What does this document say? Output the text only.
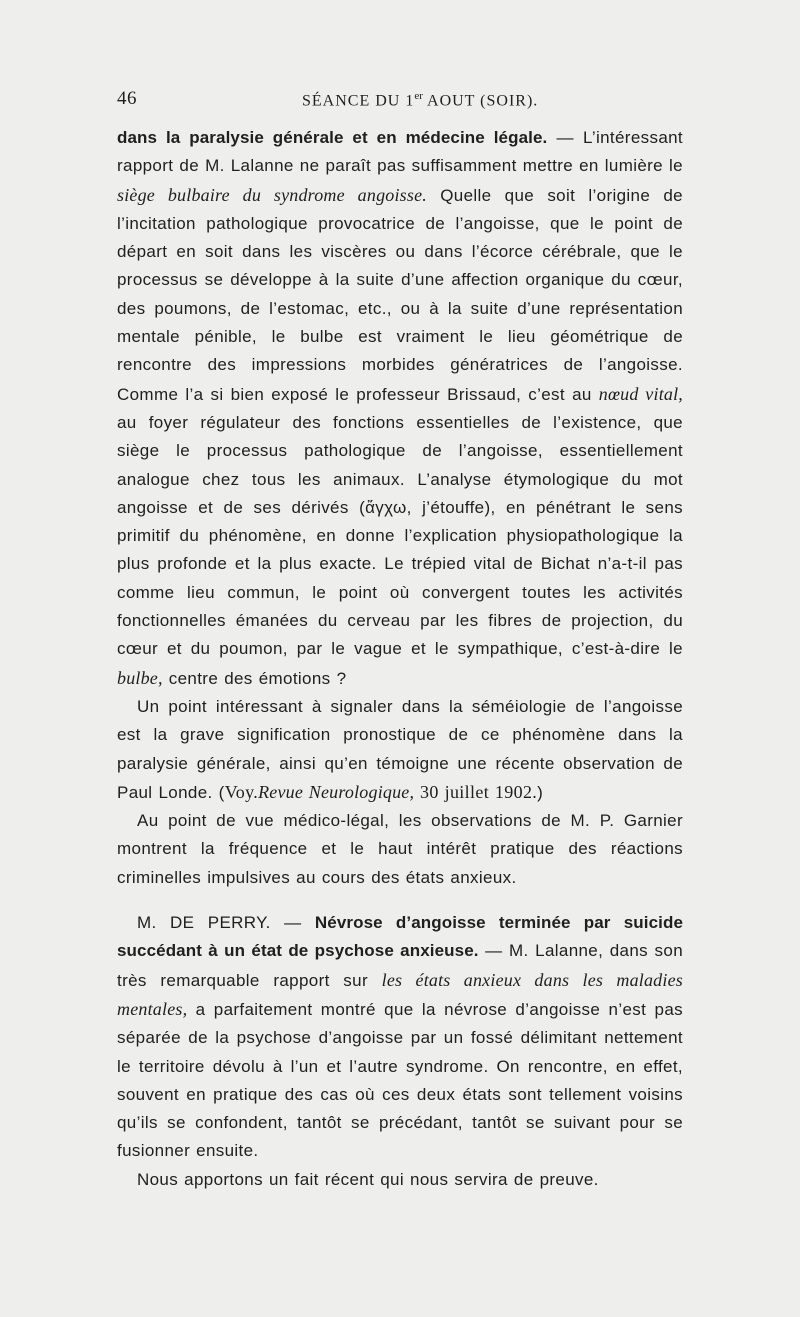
46	SÉANCE DU 1er AOUT (SOIR).

dans la paralysie générale et en médecine légale. — L’intéressant rapport de M. Lalanne ne paraît pas suffisamment mettre en lumière le siège bulbaire du syndrome angoisse. Quelle que soit l’origine de l’incitation pathologique provocatrice de l’angoisse, que le point de départ en soit dans les viscères ou dans l’écorce cérébrale, que le processus se développe à la suite d’une affection organique du cœur, des poumons, de l’estomac, etc., ou à la suite d’une représentation mentale pénible, le bulbe est vraiment le lieu géométrique de rencontre des impressions morbides génératrices de l’angoisse. Comme l’a si bien exposé le professeur Brissaud, c’est au nœud vital, au foyer régulateur des fonctions essentielles de l’existence, que siège le processus pathologique de l’angoisse, essentiellement analogue chez tous les animaux. L’analyse étymologique du mot angoisse et de ses dérivés (ἄγχω, j’étouffe), en pénétrant le sens primitif du phénomène, en donne l’explication physiopathologique la plus profonde et la plus exacte. Le trépied vital de Bichat n’a-t-il pas comme lieu commun, le point où convergent toutes les activités fonctionnelles émanées du cerveau par les fibres de projection, du cœur et du poumon, par le vague et le sympathique, c’est-à-dire le bulbe, centre des émotions ?

Un point intéressant à signaler dans la séméiologie de l’angoisse est la grave signification pronostique de ce phénomène dans la paralysie générale, ainsi qu’en témoigne une récente observation de Paul Londe. (Voy.Revue Neurologique, 30 juillet 1902.)

Au point de vue médico-légal, les observations de M. P. Garnier montrent la fréquence et le haut intérêt pratique des réactions criminelles impulsives au cours des états anxieux.

M. DE PERRY. — Névrose d’angoisse terminée par suicide succédant à un état de psychose anxieuse. — M. Lalanne, dans son très remarquable rapport sur les états anxieux dans les maladies mentales, a parfaitement montré que la névrose d’angoisse n’est pas séparée de la psychose d’angoisse par un fossé délimitant nettement le territoire dévolu à l’un et l’autre syndrome. On rencontre, en effet, souvent en pratique des cas où ces deux états sont tellement voisins qu’ils se confondent, tantôt se précédant, tantôt se suivant pour se fusionner ensuite.

Nous apportons un fait récent qui nous servira de preuve.
